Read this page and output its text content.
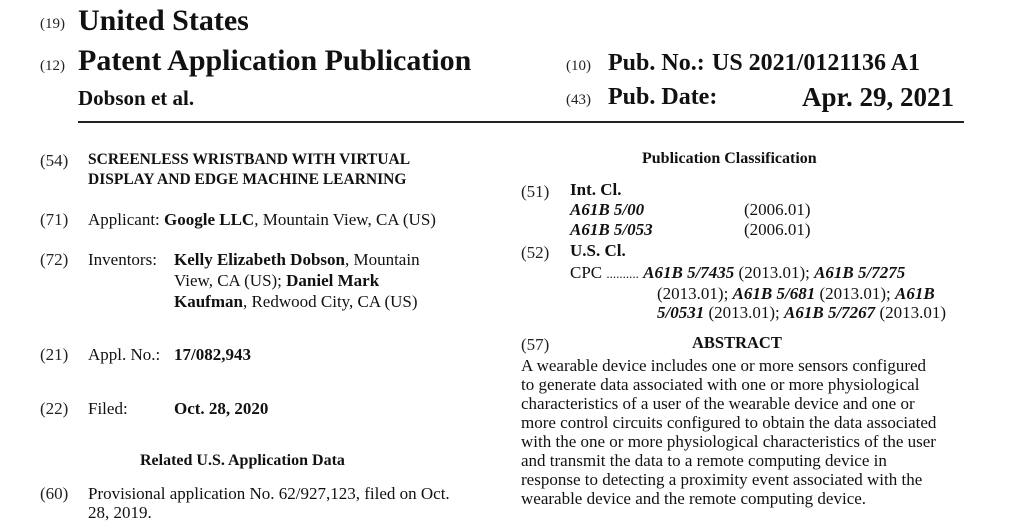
(19) United States
(12) Patent Application Publication
Dobson et al.
(10) Pub. No.: US 2021/0121136 A1
(43) Pub. Date:	Apr. 29, 2021
(54) SCREENLESS WRISTBAND WITH VIRTUAL
DISPLAY AND EDGE MACHINE LEARNING
(71) Applicant: Google LLC, Mountain View, CA (US)
(72) Inventors: Kelly Elizabeth Dobson, Mountain
View, CA (US); Daniel Mark
Kaufman, Redwood City, CA (US)
(21) Appl. No.: 17/082,943
(22) Filed:	Oct. 28, 2020
Related U.S. Application Data
(60) Provisional application No. 62/927,123, filed on Oct.
28, 2019.
Publication Classification
(51) Int. Cl.
A61B 5/00	(2006.01)
A61B 5/053	(2006.01)
(52) U.S. Cl.
CPC .......... A61B 5/7435 (2013.01); A61B 5/7275
(2013.01); A61B 5/681 (2013.01); A61B
5/0531 (2013.01); A61B 5/7267 (2013.01)
(57)	ABSTRACT

A wearable device includes one or more sensors configured

to generate data associated with one or more physiological

characteristics of a user of the wearable device and one or

more control circuits configured to obtain the data associated

with the one or more physiological characteristics of the user

and transmit the data to a remote computing device in

response to detecting a proximity event associated with the

wearable device and the remote computing device.
